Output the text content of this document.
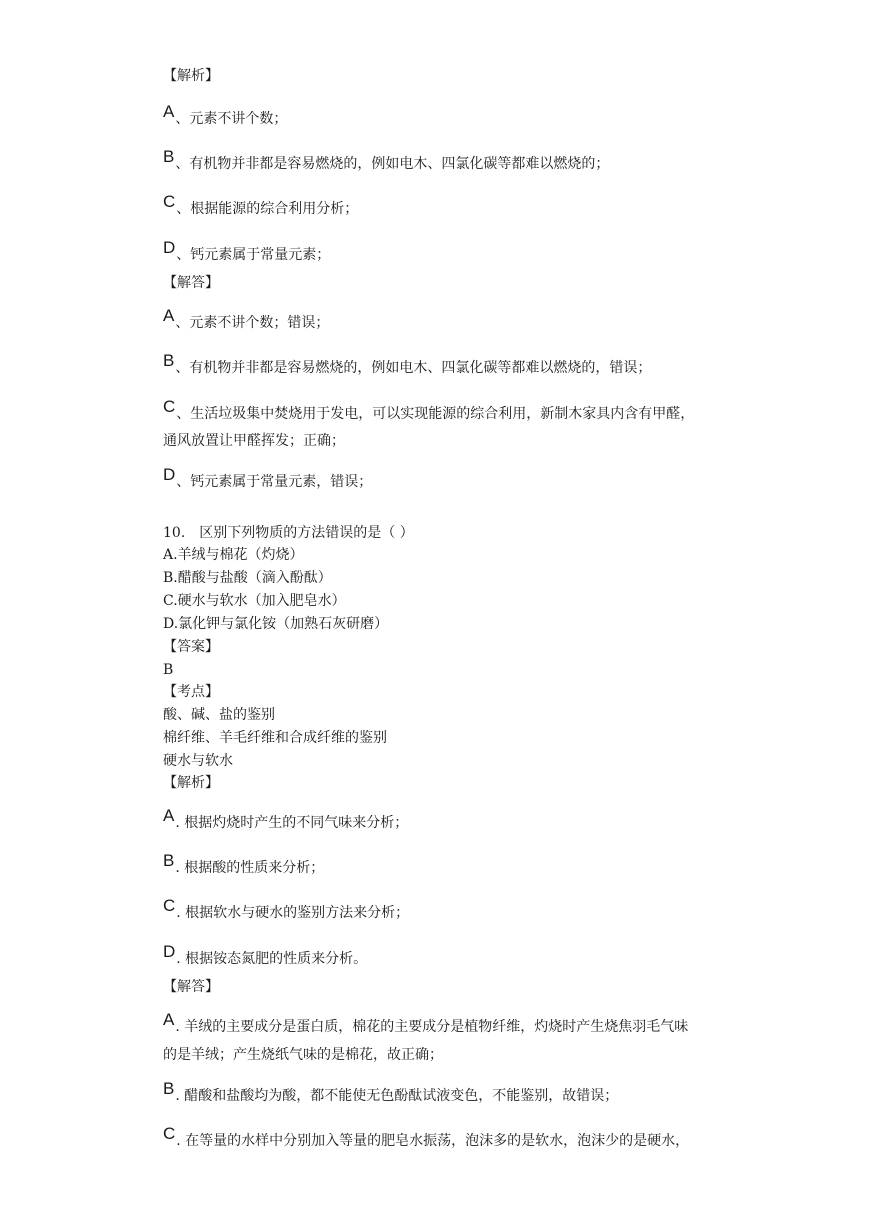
【解析】
A、元素不讲个数；
B、有机物并非都是容易燃烧的，例如电木、四氯化碳等都难以燃烧的；
C、根据能源的综合利用分析；
D、钙元素属于常量元素；
【解答】
A、元素不讲个数；错误；
B、有机物并非都是容易燃烧的，例如电木、四氯化碳等都难以燃烧的，错误；
C、生活垃圾集中焚烧用于发电，可以实现能源的综合利用，新制木家具内含有甲醛，
通风放置让甲醛挥发；正确；
D、钙元素属于常量元素，错误；
10.　区别下列物质的方法错误的是（ ）
A.羊绒与棉花（灼烧）
B.醋酸与盐酸（滴入酚酞）
C.硬水与软水（加入肥皂水）
D.氯化钾与氯化铵（加熟石灰研磨）
【答案】
B
【考点】
酸、碱、盐的鉴别
棉纤维、羊毛纤维和合成纤维的鉴别
硬水与软水
【解析】
A. 根据灼烧时产生的不同气味来分析；
B. 根据酸的性质来分析；
C. 根据软水与硬水的鉴别方法来分析；
D. 根据铵态氮肥的性质来分析。
【解答】
A. 羊绒的主要成分是蛋白质，棉花的主要成分是植物纤维，灼烧时产生烧焦羽毛气味
的是羊绒；产生烧纸气味的是棉花，故正确；
B. 醋酸和盐酸均为酸，都不能使无色酚酞试液变色，不能鉴别，故错误；
C. 在等量的水样中分别加入等量的肥皂水振荡，泡沫多的是软水，泡沫少的是硬水，
